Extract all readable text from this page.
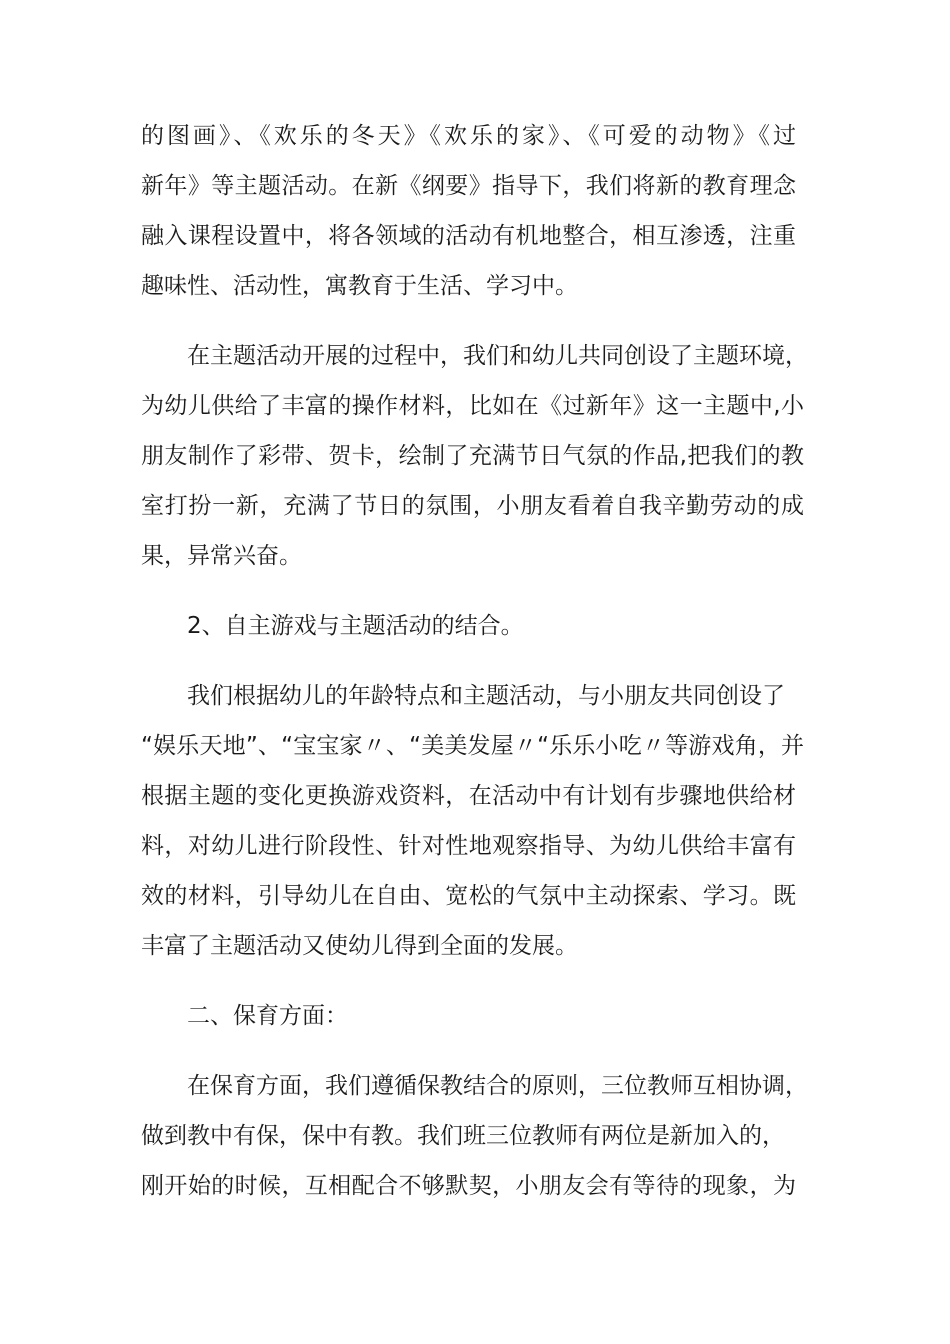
的图画》、《欢乐的冬天》《欢乐的家》、《可爱的动物》《过
新年》等主题活动。在新《纲要》指导下，我们将新的教育理念
融入课程设置中，将各领域的活动有机地整合，相互渗透，注重
趣味性、活动性，寓教育于生活、学习中。
在主题活动开展的过程中，我们和幼儿共同创设了主题环境，
为幼儿供给了丰富的操作材料，比如在《过新年》这一主题中,小
朋友制作了彩带、贺卡，绘制了充满节日气氛的作品,把我们的教
室打扮一新，充满了节日的氛围，小朋友看着自我辛勤劳动的成
果，异常兴奋。
2、自主游戏与主题活动的结合。
我们根据幼儿的年龄特点和主题活动，与小朋友共同创设了
“娱乐天地”、“宝宝家〃、“美美发屋〃“乐乐小吃〃等游戏角，并
根据主题的变化更换游戏资料，在活动中有计划有步骤地供给材
料，对幼儿进行阶段性、针对性地观察指导、为幼儿供给丰富有
效的材料，引导幼儿在自由、宽松的气氛中主动探索、学习。既
丰富了主题活动又使幼儿得到全面的发展。
二、保育方面：
在保育方面，我们遵循保教结合的原则，三位教师互相协调，
做到教中有保，保中有教。我们班三位教师有两位是新加入的，
刚开始的时候，互相配合不够默契，小朋友会有等待的现象，为
